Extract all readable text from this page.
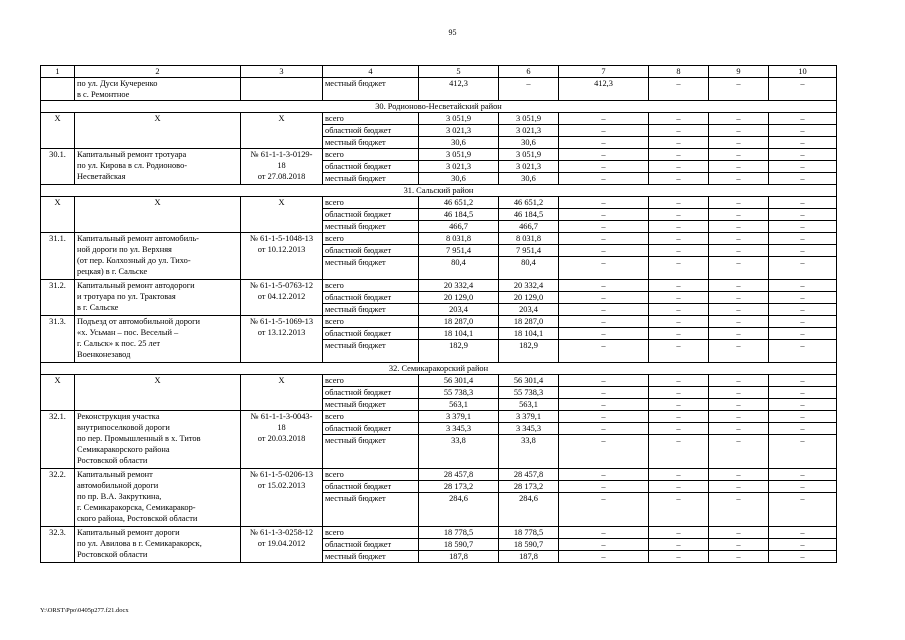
95
1	2	3	4	5	6	7	8	9	10
	по ул. Дуси Кучеренко
в с. Ремонтное		местный бюджет	412,3	–	412,3	–	–	–
30. Родионово-Несветайский район									
Х	Х	Х	всего	3 051,9	3 051,9	–	–	–	–
			областной бюджет	3 021,3	3 021,3	–	–	–	–
			местный бюджет	30,6	30,6	–	–	–	–
30.1.	Капитальный ремонт тротуара
по ул. Кирова в сл. Родионово-
Несветайская	№ 61-1-1-3-0129-
18
от 27.08.2018	всего	3 051,9	3 051,9	–	–	–	–
			областной бюджет	3 021,3	3 021,3	–	–	–	–
			местный бюджет	30,6	30,6	–	–	–	–
31. Сальский район									
Х	Х	Х	всего	46 651,2	46 651,2	–	–	–	–
			областной бюджет	46 184,5	46 184,5	–	–	–	–
			местный бюджет	466,7	466,7	–	–	–	–
31.1.	Капитальный ремонт автомобиль-
ной дороги по ул. Верхняя
(от пер. Колхозный до ул. Тихо-
рецкая) в г. Сальске	№ 61-1-5-1048-13
от 10.12.2013	всего	8 031,8	8 031,8	–	–	–	–
			областной бюджет	7 951,4	7 951,4	–	–	–	–
			местный бюджет	80,4	80,4	–	–	–	–
31.2.	Капитальный ремонт автодороги
и тротуара по ул. Трактовая
в г. Сальске	№ 61-1-5-0763-12
от 04.12.2012	всего	20 332,4	20 332,4	–	–	–	–
			областной бюджет	20 129,0	20 129,0	–	–	–	–
			местный бюджет	203,4	203,4	–	–	–	–
31.3.	Подъезд от автомобильной дороги
«х. Усьман – пос. Веселый –
г. Сальск» к пос. 25 лет
Военконезавод	№ 61-1-5-1069-13
от 13.12.2013	всего	18 287,0	18 287,0	–	–	–	–
			областной бюджет	18 104,1	18 104,1	–	–	–	–
			местный бюджет	182,9	182,9	–	–	–	–
32. Семикаракорский район									
Х	Х	Х	всего	56 301,4	56 301,4	–	–	–	–
			областной бюджет	55 738,3	55 738,3	–	–	–	–
			местный бюджет	563,1	563,1	–	–	–	–
32.1.	Реконструкция участка
внутрипоселковой дороги
по пер. Промышленный в х. Титов
Семикаракорского района
Ростовской области	№ 61-1-1-3-0043-
18
от 20.03.2018	всего	3 379,1	3 379,1	–	–	–	–
			областной бюджет	3 345,3	3 345,3	–	–	–	–
			местный бюджет	33,8	33,8	–	–	–	–
32.2.	Капитальный ремонт
автомобильной дороги
по пр. В.А. Закруткина,
г. Семикаракорска, Семикаракор-
ского района, Ростовской области	№ 61-1-5-0206-13
от 15.02.2013	всего	28 457,8	28 457,8	–	–	–	–
			областной бюджет	28 173,2	28 173,2	–	–	–	–
			местный бюджет	284,6	284,6	–	–	–	–
32.3.	Капитальный ремонт дороги
по ул. Авилова в г. Семикаракорск,
Ростовской области	№ 61-1-3-0258-12
от 19.04.2012	всего	18 778,5	18 778,5	–	–	–	–
			областной бюджет	18 590,7	18 590,7	–	–	–	–
			местный бюджет	187,8	187,8	–	–	–	–
Y:\ORST\Ppo\0405p277.f21.docx
